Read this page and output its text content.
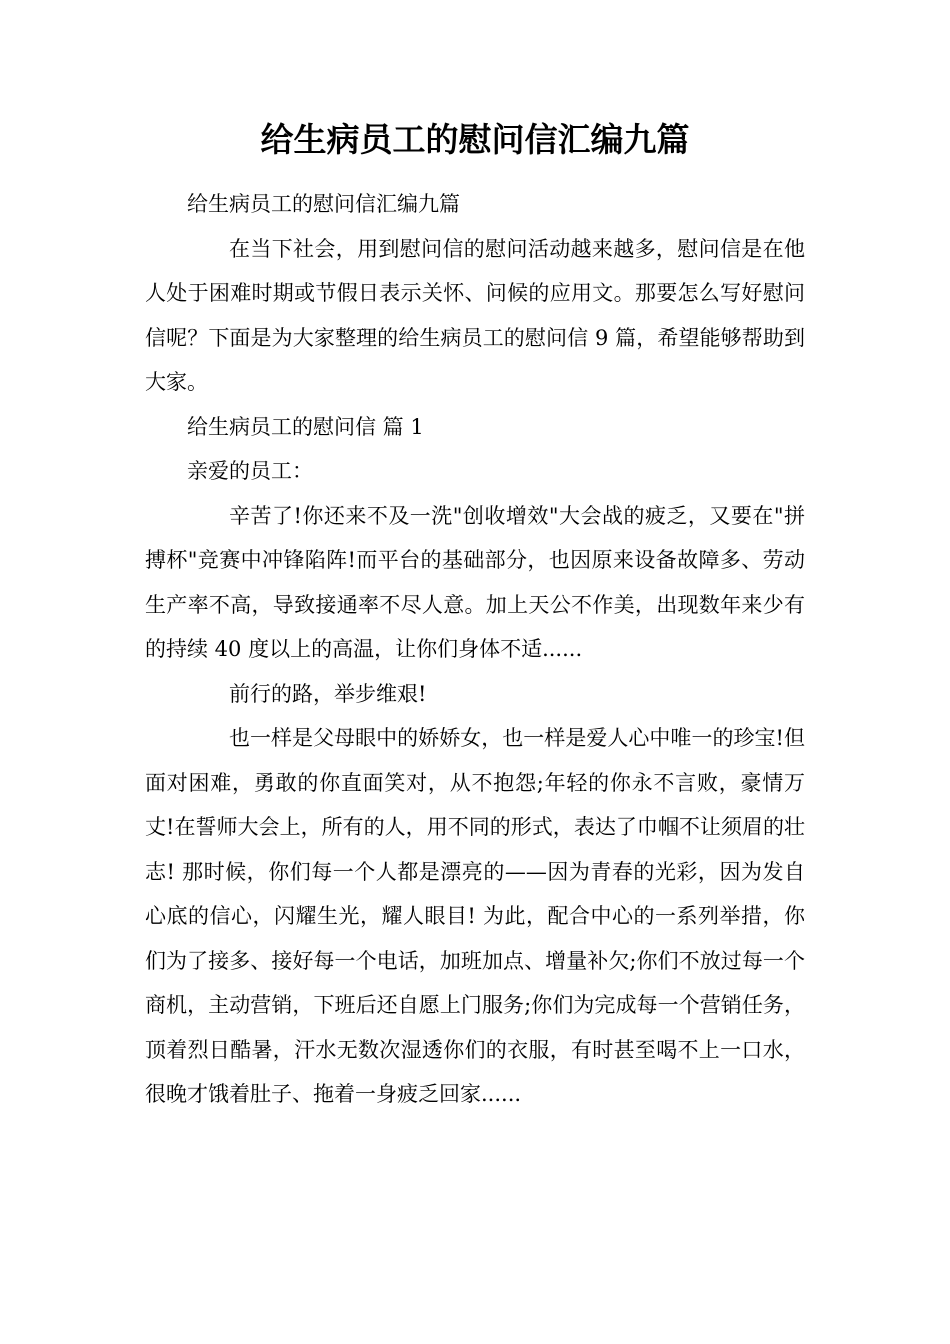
给生病员工的慰问信汇编九篇

给生病员工的慰问信汇编九篇

在当下社会，用到慰问信的慰问活动越来越多，慰问信是在他人处于困难时期或节假日表示关怀、问候的应用文。那要怎么写好慰问信呢？下面是为大家整理的给生病员工的慰问信 9 篇，希望能够帮助到大家。

给生病员工的慰问信 篇 1

亲爱的员工：

辛苦了!你还来不及一洗"创收增效"大会战的疲乏，又要在"拼搏杯"竞赛中冲锋陷阵!而平台的基础部分，也因原来设备故障多、劳动生产率不高，导致接通率不尽人意。加上天公不作美，出现数年来少有的持续 40 度以上的高温，让你们身体不适......

前行的路，举步维艰!

也一样是父母眼中的娇娇女，也一样是爱人心中唯一的珍宝!但面对困难，勇敢的你直面笑对，从不抱怨;年轻的你永不言败，豪情万丈!在誓师大会上，所有的人，用不同的形式，表达了巾帼不让须眉的壮志! 那时候，你们每一个人都是漂亮的——因为青春的光彩，因为发自心底的信心，闪耀生光，耀人眼目! 为此，配合中心的一系列举措，你们为了接多、接好每一个电话，加班加点、增量补欠;你们不放过每一个商机，主动营销，下班后还自愿上门服务;你们为完成每一个营销任务，顶着烈日酷暑，汗水无数次湿透你们的衣服，有时甚至喝不上一口水，很晚才饿着肚子、拖着一身疲乏回家......
